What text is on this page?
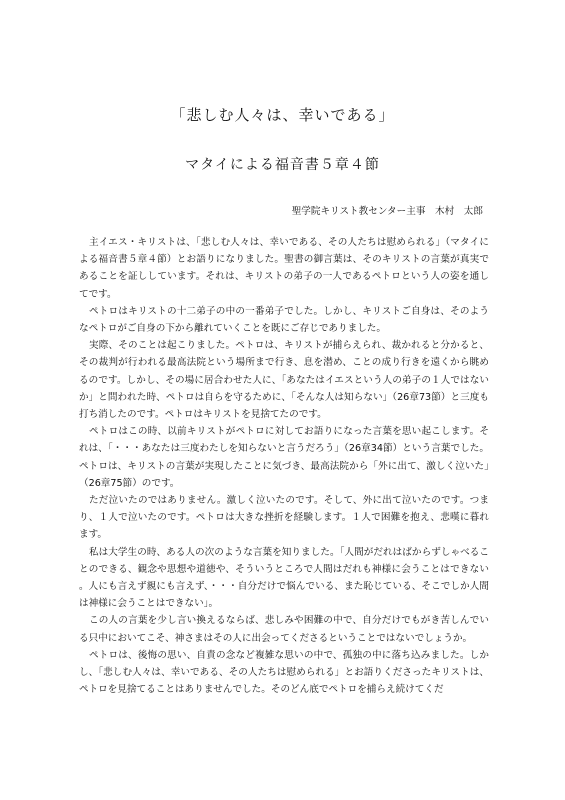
「悲しむ人々は、幸いである」
マタイによる福音書５章４節
聖学院キリスト教センター主事　木村　太郎

主イエス・キリストは、「悲しむ人々は、幸いである、その人たちは慰められる」（マタイによる福音書５章４節）とお語りになりました。聖書の御言葉は、そのキリストの言葉が真実であることを証ししています。それは、キリストの弟子の一人であるペトロという人の姿を通してです。

ペトロはキリストの十二弟子の中の一番弟子でした。しかし、キリストご自身は、そのようなペトロがご自身の下から離れていくことを既にご存じでありました。

実際、そのことは起こりました。ペトロは、キリストが捕らえられ、裁かれると分かると、その裁判が行われる最高法院という場所まで行き、息を潜め、ことの成り行きを遠くから眺めるのです。しかし、その場に居合わせた人に、「あなたはイエスという人の弟子の１人ではないか」と問われた時、ペトロは自らを守るために、「そんな人は知らない」（26章73節）と三度も打ち消したのです。ペトロはキリストを見捨てたのです。

ペトロはこの時、以前キリストがペトロに対してお語りになった言葉を思い起こします。それは、「・・・あなたは三度わたしを知らないと言うだろう」（26章34節）という言葉でした。ペトロは、キリストの言葉が実現したことに気づき、最高法院から「外に出て、激しく泣いた」（26章75節）のです。

ただ泣いたのではありません。激しく泣いたのです。そして、外に出て泣いたのです。つまり、１人で泣いたのです。ペトロは大きな挫折を経験します。１人で困難を抱え、悲嘆に暮れます。

私は大学生の時、ある人の次のような言葉を知りました。「人間がだれはばからずしゃべることのできる、観念や思想や道徳や、そういうところで人間はだれも神様に会うことはできない。人にも言えず親にも言えず、・・・自分だけで悩んでいる、また恥じている、そこでしか人間は神様に会うことはできない」。

この人の言葉を少し言い換えるならば、悲しみや困難の中で、自分だけでもがき苦しんでいる只中においてこそ、神さまはその人に出会ってくださるということではないでしょうか。

ペトロは、後悔の思い、自責の念など複雑な思いの中で、孤独の中に落ち込みました。しかし、「悲しむ人々は、幸いである、その人たちは慰められる」とお語りくださったキリストは、ペトロを見捨てることはありませんでした。そのどん底でペトロを捕らえ続けてくだ
